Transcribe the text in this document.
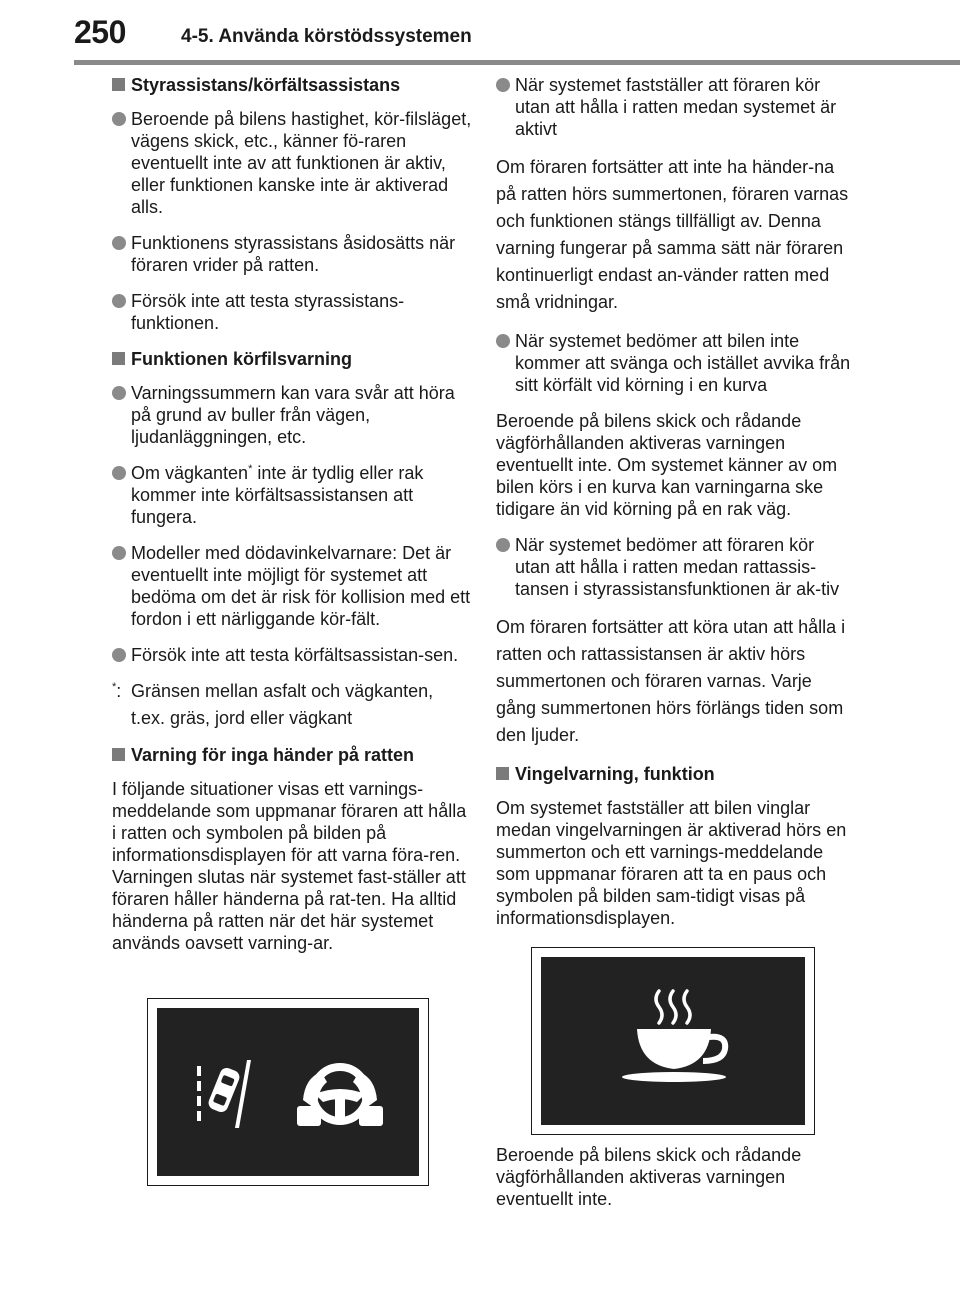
250	4-5. Använda körstödssystemen
Styrassistans/körfältsassistans
Beroende på bilens hastighet, kör-filsläget, vägens skick, etc., känner fö-raren eventuellt inte av att funktionen är aktiv, eller funktionen kanske inte är aktiverad alls.
Funktionens styrassistans åsidosätts när föraren vrider på ratten.
Försök inte att testa styrassistans-funktionen.
Funktionen körfilsvarning
Varningssummern kan vara svår att höra på grund av buller från vägen, ljudanläggningen, etc.
Om vägkanten* inte är tydlig eller rak kommer inte körfältsassistansen att fungera.
Modeller med dödavinkelvarnare: Det är eventuellt inte möjligt för systemet att bedöma om det är risk för kollision med ett fordon i ett närliggande kör-fält.
Försök inte att testa körfältsassistan-sen.
*: Gränsen mellan asfalt och vägkanten, t.ex. gräs, jord eller vägkant
Varning för inga händer på ratten
I följande situationer visas ett varnings-meddelande som uppmanar föraren att hålla i ratten och symbolen på bilden på informationsdisplayen för att varna föra-ren. Varningen slutas när systemet fast-ställer att föraren håller händerna på rat-ten. Ha alltid händerna på ratten när det här systemet används oavsett varning-ar.
När systemet fastställer att föraren kör utan att hålla i ratten medan systemet är aktivt
Om föraren fortsätter att inte ha händer-na på ratten hörs summertonen, föraren varnas och funktionen stängs tillfälligt av. Denna varning fungerar på samma sätt när föraren kontinuerligt endast an-vänder ratten med små vridningar.
När systemet bedömer att bilen inte kommer att svänga och istället avvika från sitt körfält vid körning i en kurva
Beroende på bilens skick och rådande vägförhållanden aktiveras varningen eventuellt inte. Om systemet känner av om bilen körs i en kurva kan varningarna ske tidigare än vid körning på en rak väg.
När systemet bedömer att föraren kör utan att hålla i ratten medan rattassis-tansen i styrassistansfunktionen är ak-tiv
Om föraren fortsätter att köra utan att hålla i ratten och rattassistansen är aktiv hörs summertonen och föraren varnas. Varje gång summertonen hörs förlängs tiden som den ljuder.
Vingelvarning, funktion
Om systemet fastställer att bilen vinglar medan vingelvarningen är aktiverad hörs en summerton och ett varnings-meddelande som uppmanar föraren att ta en paus och symbolen på bilden sam-tidigt visas på informationsdisplayen.
Beroende på bilens skick och rådande vägförhållanden aktiveras varningen eventuellt inte.
